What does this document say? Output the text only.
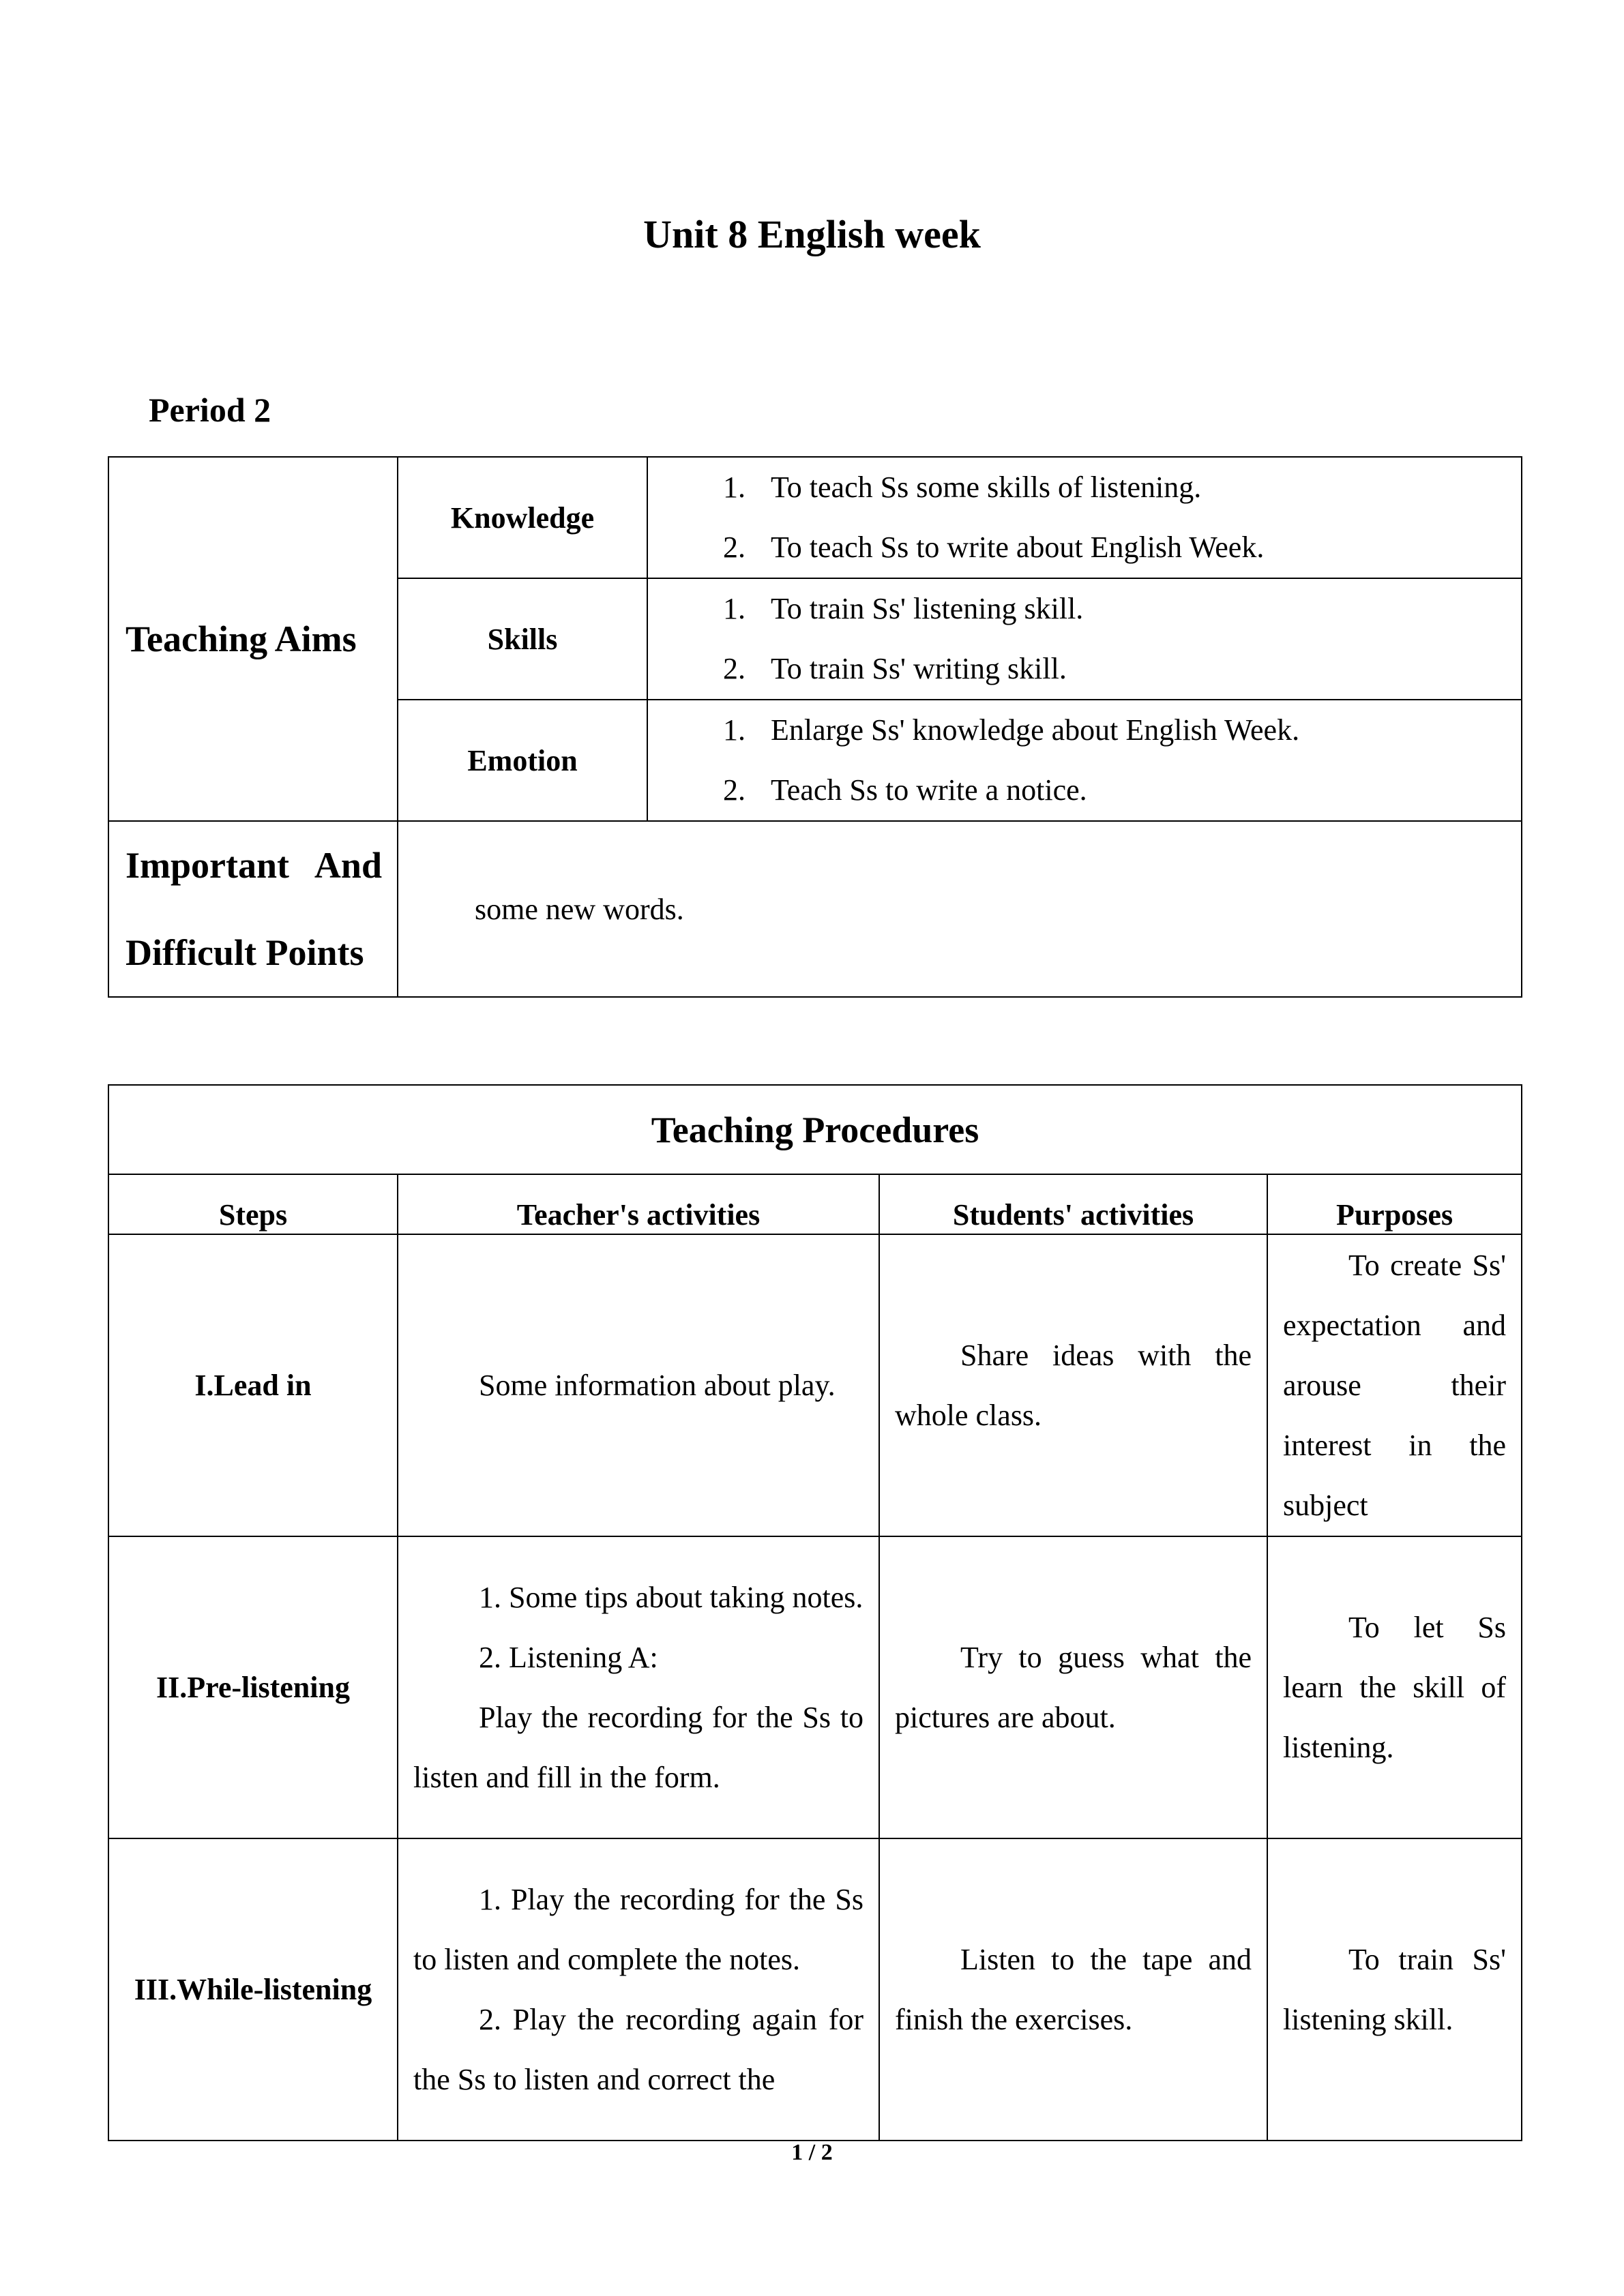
Unit 8 English week
Period 2
Teaching Aims	Knowledge	1. To teach Ss some skills of listening.
2. To teach Ss to write about English Week.

	Skills	1. To train Ss' listening skill.
2. To train Ss' writing skill.

	Emotion	1. Enlarge Ss' knowledge about English Week.
2. Teach Ss to write a notice.

Important And
Difficult Points	some new words.	
Teaching Procedures			
Steps	Teacher's activities	Students' activities	Purposes
I.Lead in	Some information about play.	Share ideas with the whole class.	To create Ss' expectation and arouse their interest in the subject

II.Pre-listening	1. Some tips about taking notes.

2. Listening A:

Play the recording for the Ss to listen and fill in the form.	Try to guess what the pictures are about.	To let Ss learn the skill of listening.

III.While-listening	1. Play the recording for the Ss to listen and complete the notes.

2. Play the recording again for the Ss to listen and correct the	Listen to the tape and finish the exercises.	To train Ss' listening skill.

1 / 2
